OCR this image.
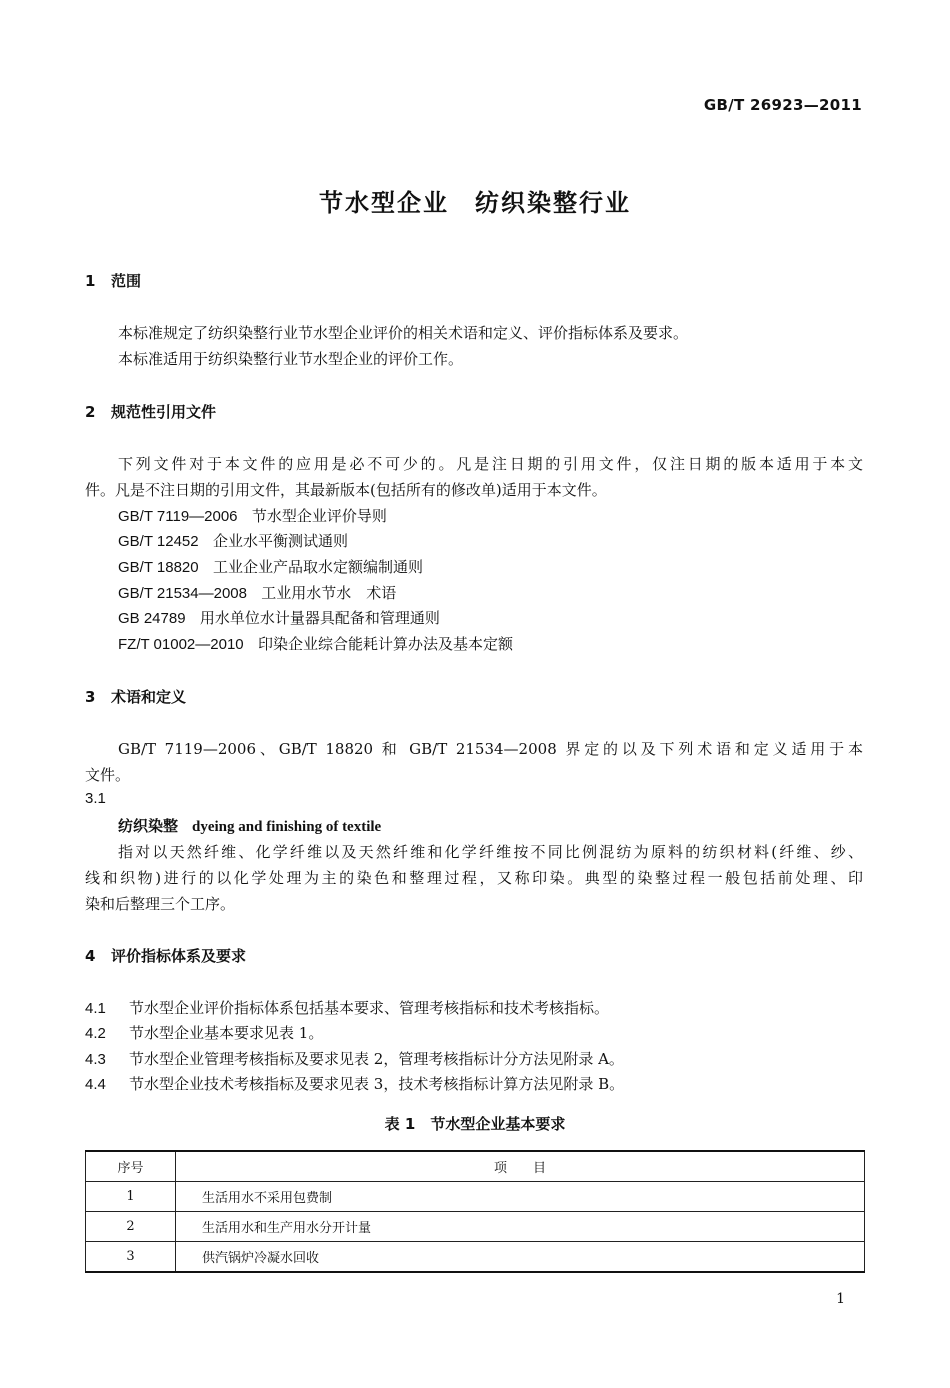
GB/T 26923—2011
节水型企业　纺织染整行业
1 范围
本标准规定了纺织染整行业节水型企业评价的相关术语和定义、评价指标体系及要求。
本标准适用于纺织染整行业节水型企业的评价工作。
2 规范性引用文件
下列文件对于本文件的应用是必不可少的。凡是注日期的引用文件，仅注日期的版本适用于本文
件。凡是不注日期的引用文件，其最新版本(包括所有的修改单)适用于本文件。
GB/T 7119—2006 节水型企业评价导则
GB/T 12452 企业水平衡测试通则
GB/T 18820 工业企业产品取水定额编制通则
GB/T 21534—2008 工业用水节水　术语
GB 24789 用水单位水计量器具配备和管理通则
FZ/T 01002—2010 印染企业综合能耗计算办法及基本定额
3 术语和定义
GB/T 7119—2006、GB/T 18820 和 GB/T 21534—2008 界定的以及下列术语和定义适用于本
文件。
3.1
纺织染整 dyeing and finishing of textile
指对以天然纤维、化学纤维以及天然纤维和化学纤维按不同比例混纺为原料的纺织材料(纤维、纱、
线和织物)进行的以化学处理为主的染色和整理过程，又称印染。典型的染整过程一般包括前处理、印
染和后整理三个工序。
4 评价指标体系及要求
4.1 节水型企业评价指标体系包括基本要求、管理考核指标和技术考核指标。
4.2 节水型企业基本要求见表 1。
4.3 节水型企业管理考核指标及要求见表 2，管理考核指标计分方法见附录 A。
4.4 节水型企业技术考核指标及要求见表 3，技术考核指标计算方法见附录 B。
表 1　节水型企业基本要求
序号	项　　目
1	生活用水不采用包费制
2	生活用水和生产用水分开计量
3	供汽锅炉冷凝水回收
1
